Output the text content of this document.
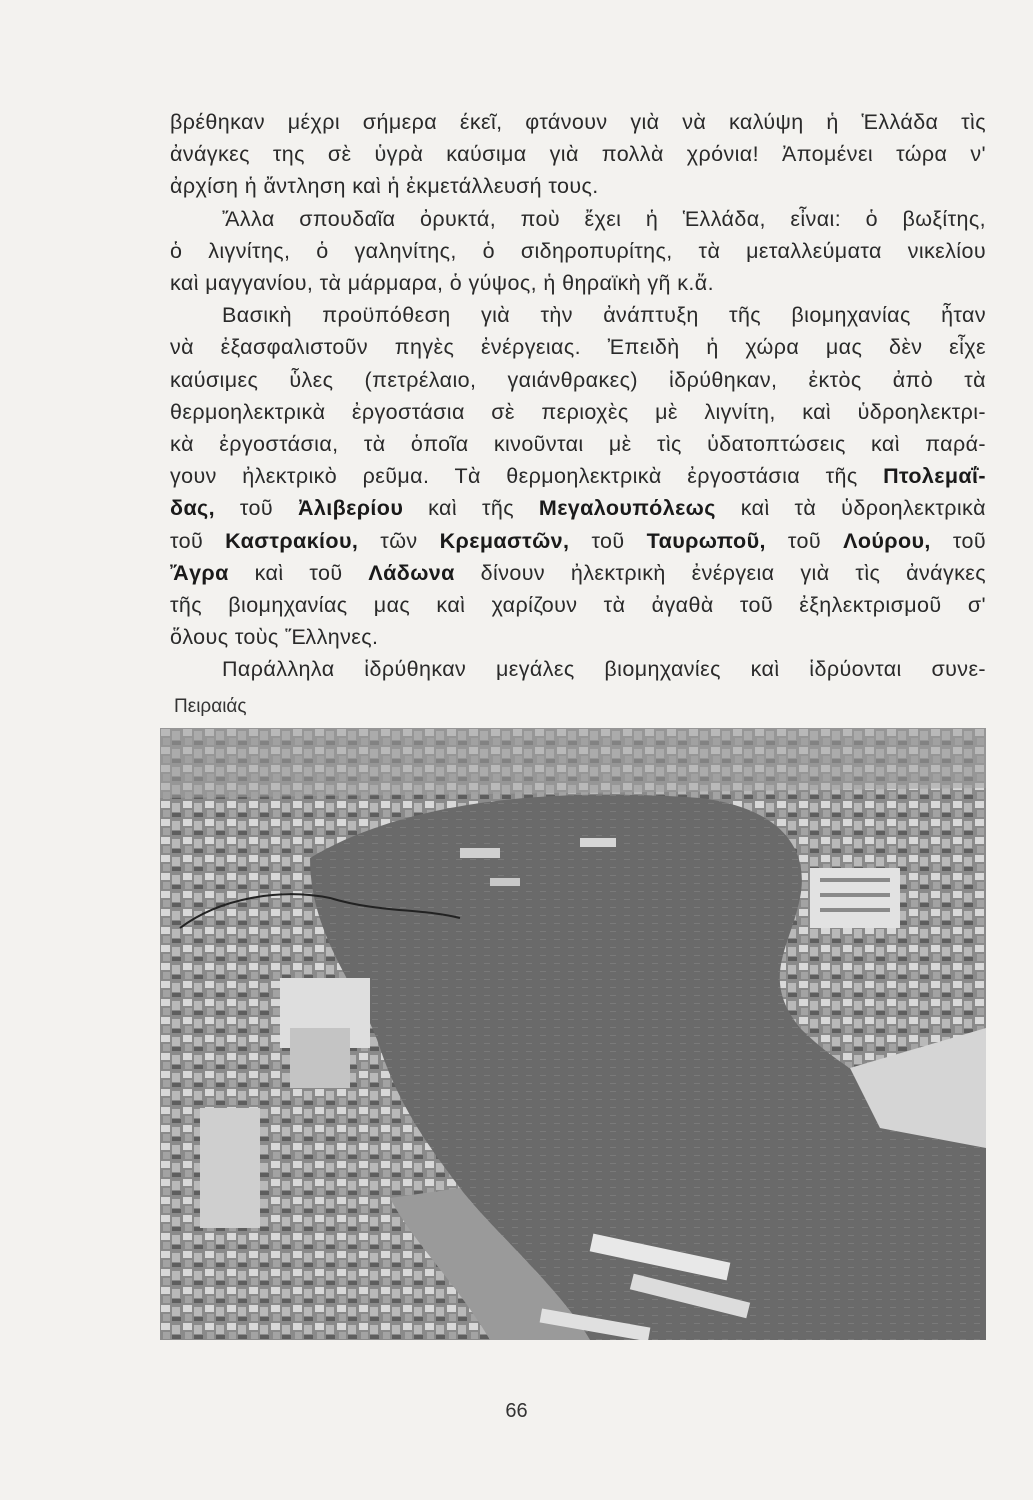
βρέθηκαν μέχρι σήμερα έκεῖ, φτάνουν γιὰ νὰ καλύψη ἡ Ἑλλάδα τὶς
ἀνάγκες της σὲ ὑγρὰ καύσιμα γιὰ πολλὰ χρόνια! Ἀπομένει τώρα ν'
ἀρχίση ἡ ἄντληση καὶ ἡ ἐκμετάλλευσή τους.
Ἄλλα σπουδαῖα ὀρυκτά, ποὺ ἔχει ἡ Ἑλλάδα, εἶναι: ὁ βωξίτης,
ὁ λιγνίτης, ὁ γαληνίτης, ὁ σιδηροπυρίτης, τὰ μεταλλεύματα νικελίου
καὶ μαγγανίου, τὰ μάρμαρα, ὁ γύψος, ἡ θηραϊκὴ γῆ κ.ἄ.
Βασικὴ προϋπόθεση γιὰ τὴν ἀνάπτυξη τῆς βιομηχανίας ἦταν
νὰ ἐξασφαλιστοῦν πηγὲς ἐνέργειας. Ἐπειδὴ ἡ χώρα μας δὲν εἶχε
καύσιμες ὗλες (πετρέλαιο, γαιάνθρακες) ἱδρύθηκαν, ἐκτὸς ἀπὸ τὰ
θερμοηλεκτρικὰ ἐργοστάσια σὲ περιοχὲς μὲ λιγνίτη, καὶ ὑδροηλεκτρι-
κὰ ἐργοστάσια, τὰ ὁποῖα κινοῦνται μὲ τὶς ὑδατοπτώσεις καὶ παρά-
γουν ἠλεκτρικὸ ρεῦμα. Τὰ θερμοηλεκτρικὰ ἐργοστάσια τῆς Πτολεμαΐ-
δας, τοῦ Ἀλιβερίου καὶ τῆς Μεγαλουπόλεως καὶ τὰ ὑδροηλεκτρικὰ
τοῦ Καστρακίου, τῶν Κρεμαστῶν, τοῦ Ταυρωποῦ, τοῦ Λούρου, τοῦ
Ἄγρα καὶ τοῦ Λάδωνα δίνουν ἠλεκτρικὴ ἐνέργεια γιὰ τὶς ἀνάγκες
τῆς βιομηχανίας μας καὶ χαρίζουν τὰ ἀγαθὰ τοῦ ἐξηλεκτρισμοῦ σ'
ὅλους τοὺς Ἕλληνες.
Παράλληλα ἱδρύθηκαν μεγάλες βιομηχανίες καὶ ἱδρύονται συνε-
Πειραιάς
66
